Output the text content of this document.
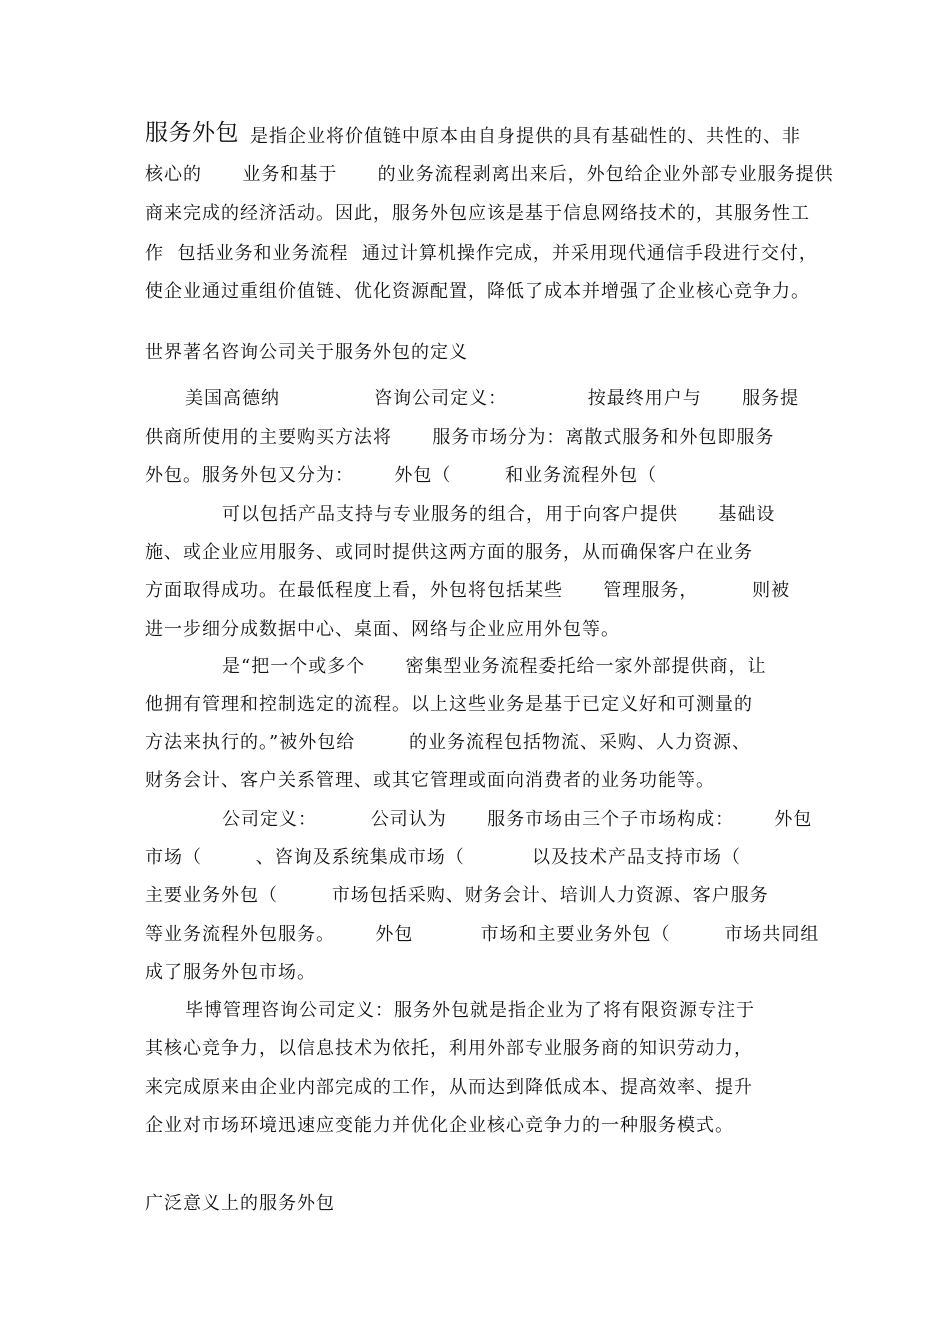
服务外包 是指企业将价值链中原本由自身提供的具有基础性的、共性的、非
核心的      业务和基于      的业务流程剥离出来后，外包给企业外部专业服务提供
商来完成的经济活动。因此，服务外包应该是基于信息网络技术的，其服务性工
作  包括业务和业务流程  通过计算机操作完成，并采用现代通信手段进行交付，
使企业通过重组价值链、优化资源配置，降低了成本并增强了企业核心竞争力。
世界著名咨询公司关于服务外包的定义
美国高德纳              咨询公司定义：            按最终用户与      服务提
供商所使用的主要购买方法将      服务市场分为：离散式服务和外包即服务
外包。服务外包又分为：      外包（        和业务流程外包（
可以包括产品支持与专业服务的组合，用于向客户提供      基础设
施、或企业应用服务、或同时提供这两方面的服务，从而确保客户在业务
方面取得成功。在最低程度上看，外包将包括某些      管理服务，        则被
进一步细分成数据中心、桌面、网络与企业应用外包等。
是“把一个或多个      密集型业务流程委托给一家外部提供商，让
他拥有管理和控制选定的流程。以上这些业务是基于已定义好和可测量的
方法来执行的。”被外包给        的业务流程包括物流、采购、人力资源、
财务会计、客户关系管理、或其它管理或面向消费者的业务功能等。
公司定义：        公司认为      服务市场由三个子市场构成：      外包
市场（        、咨询及系统集成市场（          以及技术产品支持市场（
主要业务外包（        市场包括采购、财务会计、培训人力资源、客户服务
等业务流程外包服务。      外包          市场和主要业务外包（        市场共同组
成了服务外包市场。
毕博管理咨询公司定义：服务外包就是指企业为了将有限资源专注于
其核心竞争力，以信息技术为依托，利用外部专业服务商的知识劳动力，
来完成原来由企业内部完成的工作，从而达到降低成本、提高效率、提升
企业对市场环境迅速应变能力并优化企业核心竞争力的一种服务模式。
广泛意义上的服务外包
